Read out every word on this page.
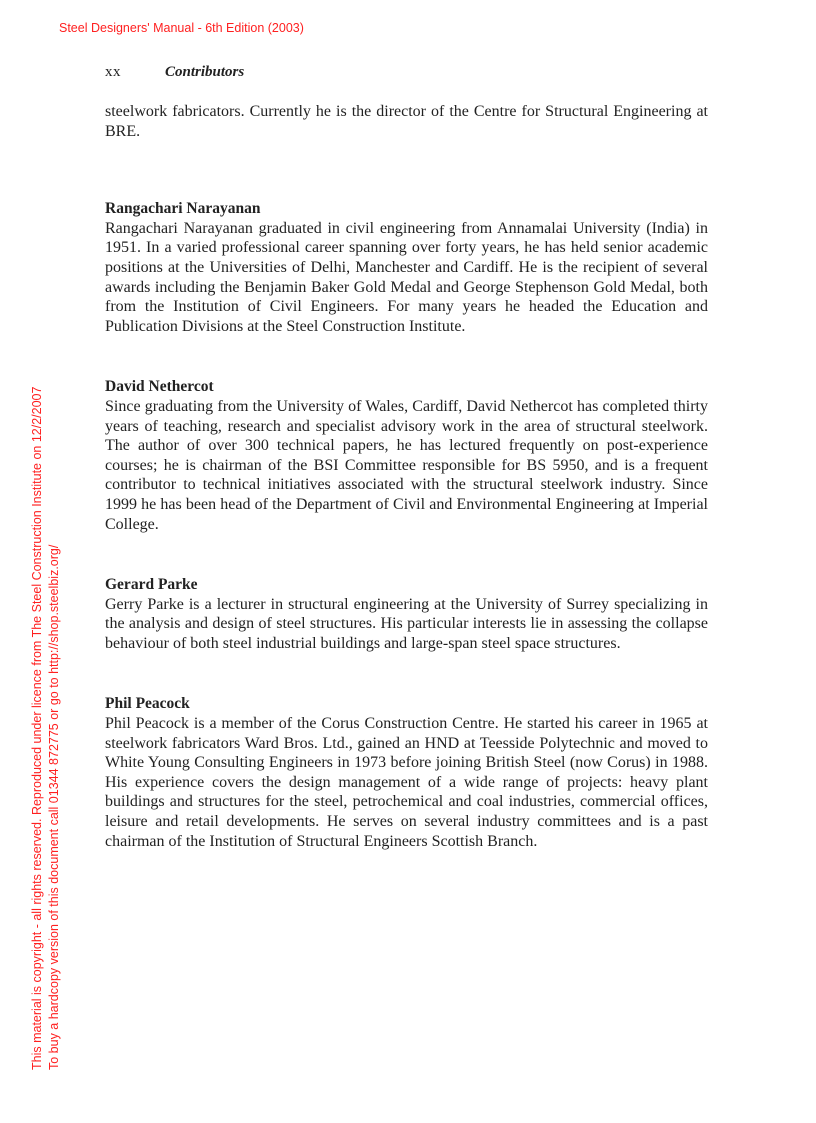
Steel Designers' Manual - 6th Edition (2003)
This material is copyright - all rights reserved. Reproduced under licence from The Steel Construction Institute on 12/2/2007 To buy a hardcopy version of this document call 01344 872775 or go to http://shop.steelbiz.org/
xx	Contributors

steelwork fabricators. Currently he is the director of the Centre for Structural Engineering at BRE.

Rangachari Narayanan

Rangachari Narayanan graduated in civil engineering from Annamalai University (India) in 1951. In a varied professional career spanning over forty years, he has held senior academic positions at the Universities of Delhi, Manchester and Cardiff. He is the recipient of several awards including the Benjamin Baker Gold Medal and George Stephenson Gold Medal, both from the Institution of Civil Engineers. For many years he headed the Education and Publication Divisions at the Steel Construction Institute.

David Nethercot

Since graduating from the University of Wales, Cardiff, David Nethercot has completed thirty years of teaching, research and specialist advisory work in the area of structural steelwork. The author of over 300 technical papers, he has lectured frequently on post-experience courses; he is chairman of the BSI Committee responsible for BS 5950, and is a frequent contributor to technical initiatives associated with the structural steelwork industry. Since 1999 he has been head of the Department of Civil and Environmental Engineering at Imperial College.

Gerard Parke

Gerry Parke is a lecturer in structural engineering at the University of Surrey specializing in the analysis and design of steel structures. His particular interests lie in assessing the collapse behaviour of both steel industrial buildings and large-span steel space structures.

Phil Peacock

Phil Peacock is a member of the Corus Construction Centre. He started his career in 1965 at steelwork fabricators Ward Bros. Ltd., gained an HND at Teesside Polytechnic and moved to White Young Consulting Engineers in 1973 before joining British Steel (now Corus) in 1988. His experience covers the design management of a wide range of projects: heavy plant buildings and structures for the steel, petrochemical and coal industries, commercial offices, leisure and retail developments. He serves on several industry committees and is a past chairman of the Institution of Structural Engineers Scottish Branch.
